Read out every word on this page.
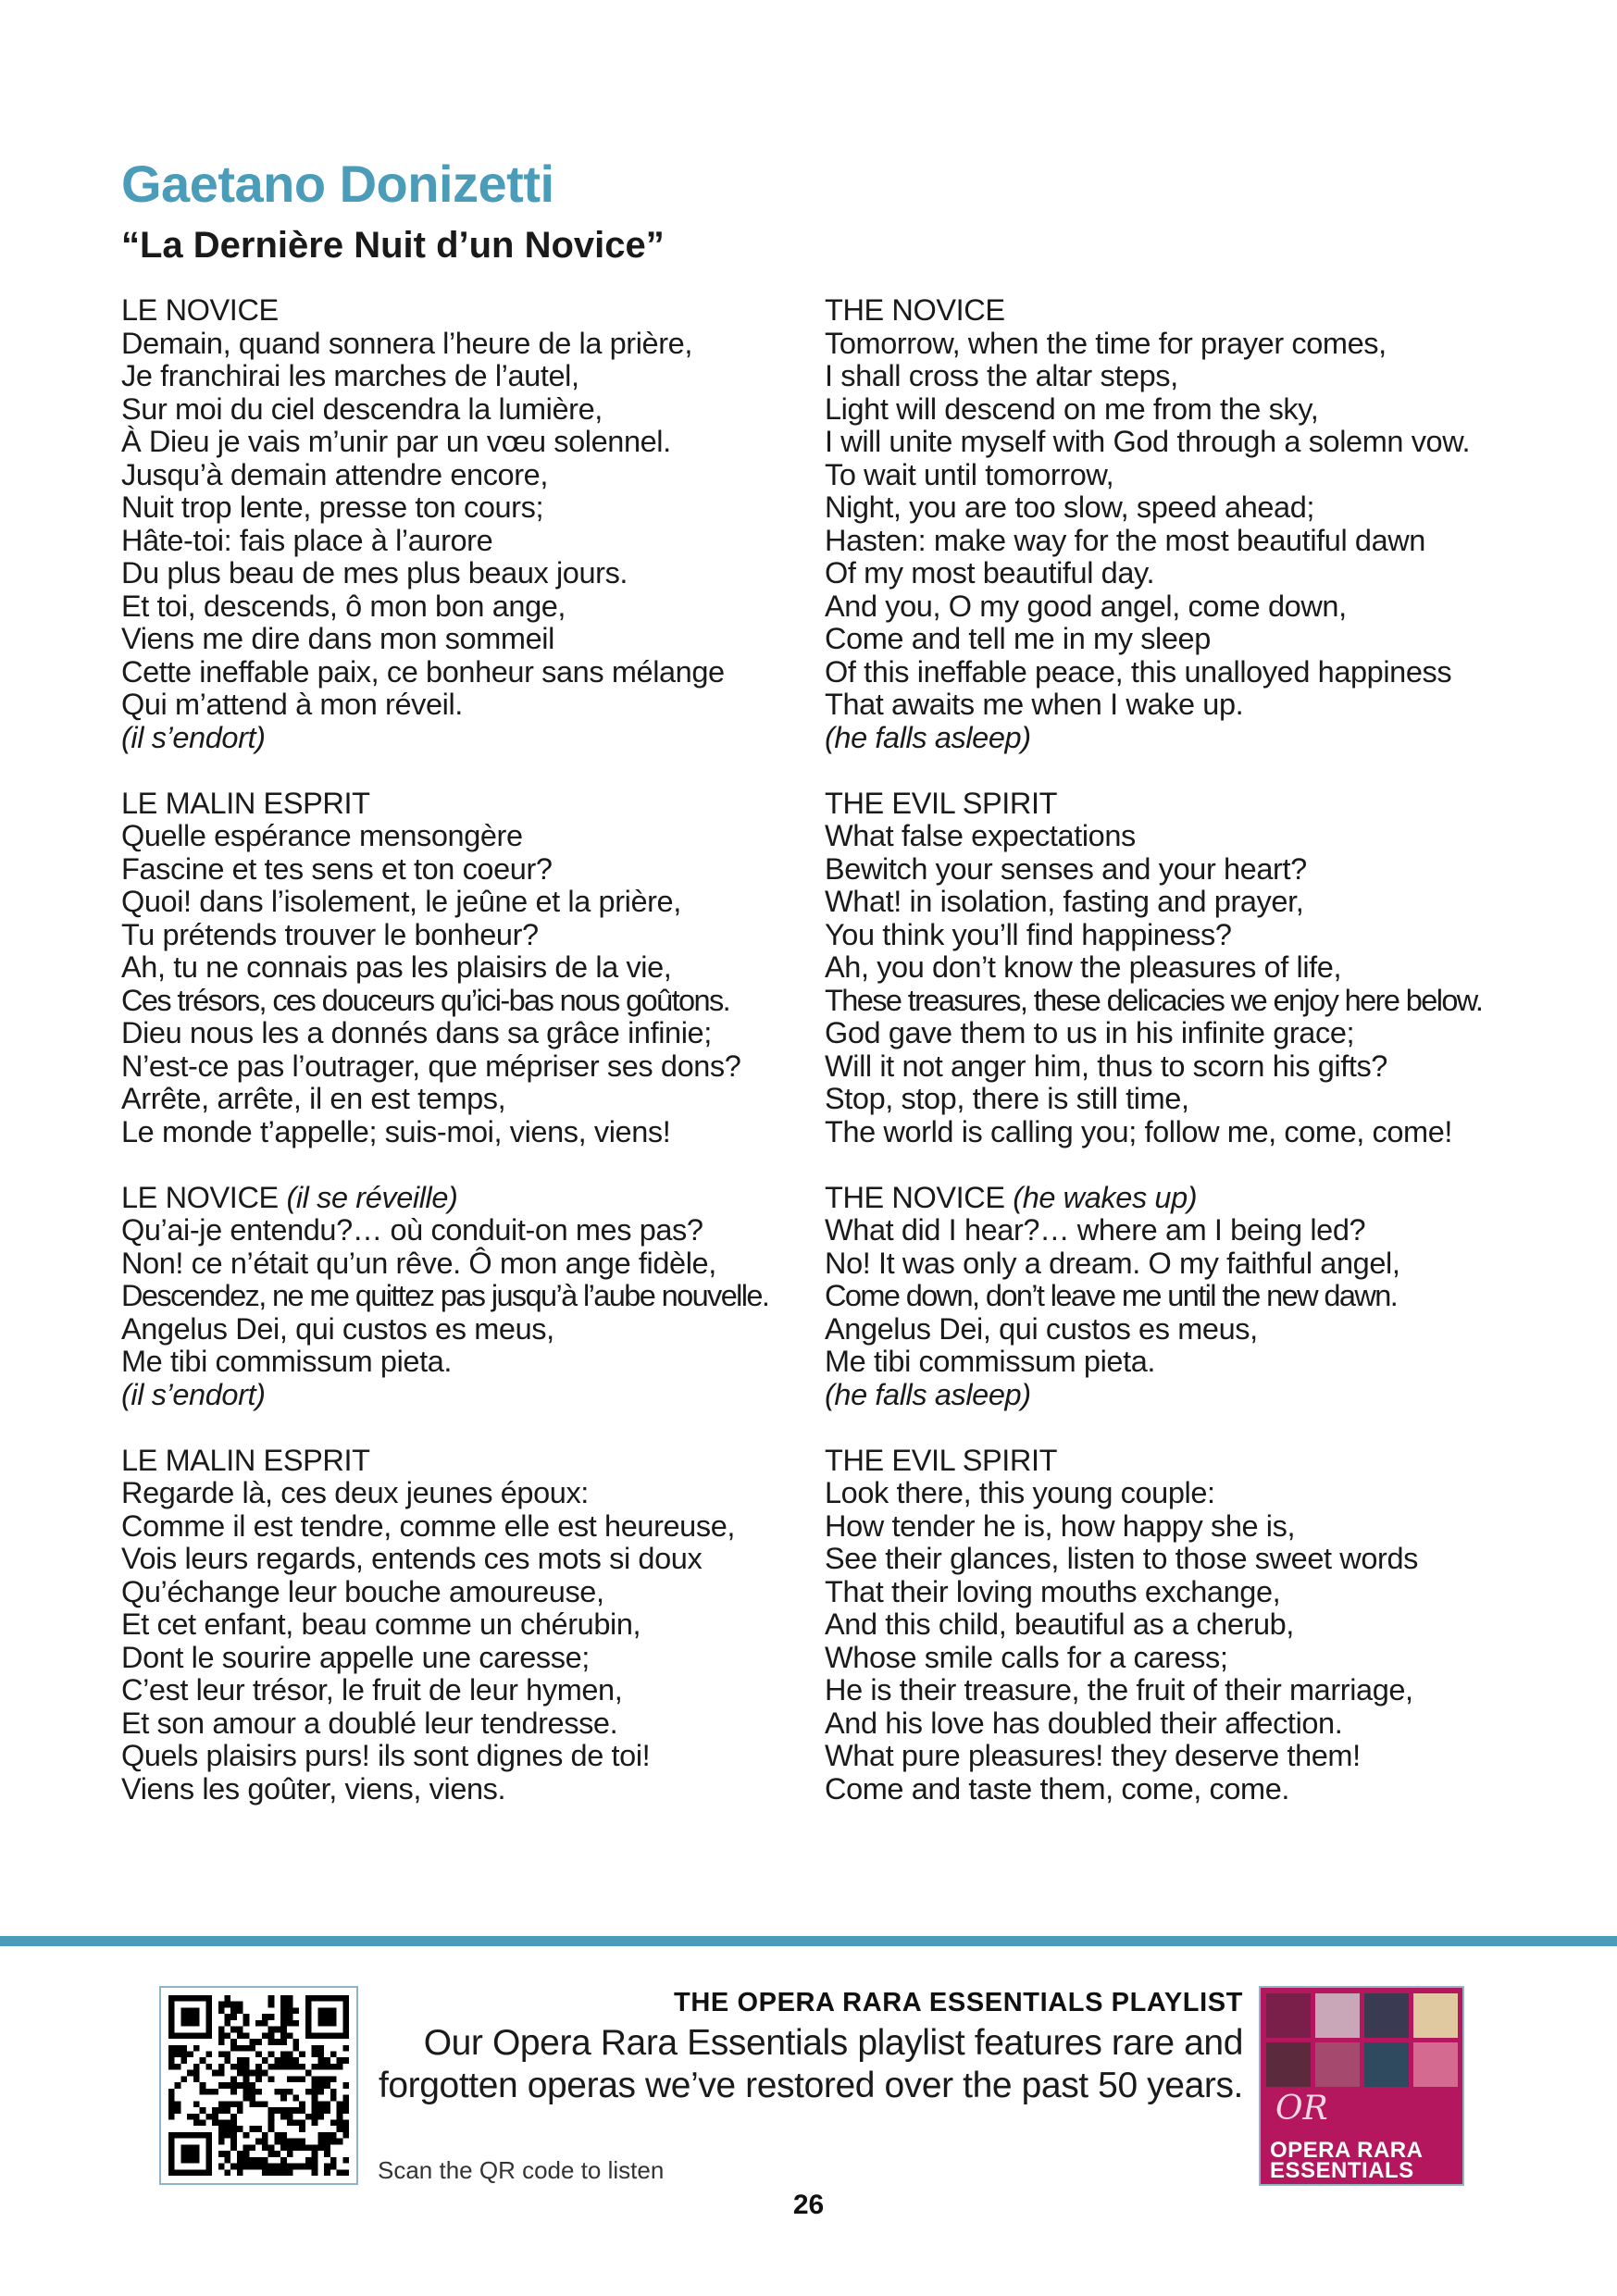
Gaetano Donizetti
“La Dernière Nuit d’un Novice”
LE NOVICE
Demain, quand sonnera l’heure de la prière,
Je franchirai les marches de l’autel,
Sur moi du ciel descendra la lumière,
À Dieu je vais m’unir par un vœu solennel.
Jusqu’à demain attendre encore,
Nuit trop lente, presse ton cours;
Hâte-toi: fais place à l’aurore
Du plus beau de mes plus beaux jours.
Et toi, descends, ô mon bon ange,
Viens me dire dans mon sommeil
Cette ineffable paix, ce bonheur sans mélange
Qui m’attend à mon réveil.
(il s’endort)
LE MALIN ESPRIT
Quelle espérance mensongère
Fascine et tes sens et ton coeur?
Quoi! dans l’isolement, le jeûne et la prière,
Tu prétends trouver le bonheur?
Ah, tu ne connais pas les plaisirs de la vie,
Ces trésors, ces douceurs qu’ici-bas nous goûtons.
Dieu nous les a donnés dans sa grâce infinie;
N’est-ce pas l’outrager, que mépriser ses dons?
Arrête, arrête, il en est temps,
Le monde t’appelle; suis-moi, viens, viens!
LE NOVICE (il se réveille)
Qu’ai-je entendu?… où conduit-on mes pas?
Non! ce n’était qu’un rêve. Ô mon ange fidèle,
Descendez, ne me quittez pas jusqu’à l’aube nouvelle.
Angelus Dei, qui custos es meus,
Me tibi commissum pieta.
(il s’endort)
LE MALIN ESPRIT
Regarde là, ces deux jeunes époux:
Comme il est tendre, comme elle est heureuse,
Vois leurs regards, entends ces mots si doux
Qu’échange leur bouche amoureuse,
Et cet enfant, beau comme un chérubin,
Dont le sourire appelle une caresse;
C’est leur trésor, le fruit de leur hymen,
Et son amour a doublé leur tendresse.
Quels plaisirs purs! ils sont dignes de toi!
Viens les goûter, viens, viens.
THE NOVICE
Tomorrow, when the time for prayer comes,
I shall cross the altar steps,
Light will descend on me from the sky,
I will unite myself with God through a solemn vow.
To wait until tomorrow,
Night, you are too slow, speed ahead;
Hasten: make way for the most beautiful dawn
Of my most beautiful day.
And you, O my good angel, come down,
Come and tell me in my sleep
Of this ineffable peace, this unalloyed happiness
That awaits me when I wake up.
(he falls asleep)
THE EVIL SPIRIT
What false expectations
Bewitch your senses and your heart?
What! in isolation, fasting and prayer,
You think you’ll find happiness?
Ah, you don’t know the pleasures of life,
These treasures, these delicacies we enjoy here below.
God gave them to us in his infinite grace;
Will it not anger him, thus to scorn his gifts?
Stop, stop, there is still time,
The world is calling you; follow me, come, come!
THE NOVICE (he wakes up)
What did I hear?… where am I being led?
No! It was only a dream. O my faithful angel,
Come down, don’t leave me until the new dawn.
Angelus Dei, qui custos es meus,
Me tibi commissum pieta.
(he falls asleep)
THE EVIL SPIRIT
Look there, this young couple:
How tender he is, how happy she is,
See their glances, listen to those sweet words
That their loving mouths exchange,
And this child, beautiful as a cherub,
Whose smile calls for a caress;
He is their treasure, the fruit of their marriage,
And his love has doubled their affection.
What pure pleasures! they deserve them!
Come and taste them, come, come.
THE OPERA RARA ESSENTIALS PLAYLIST
Our Opera Rara Essentials playlist features rare and
forgotten operas we’ve restored over the past 50 years.
Scan the QR code to listen
26
OR
OPERA RARA
ESSENTIALS
